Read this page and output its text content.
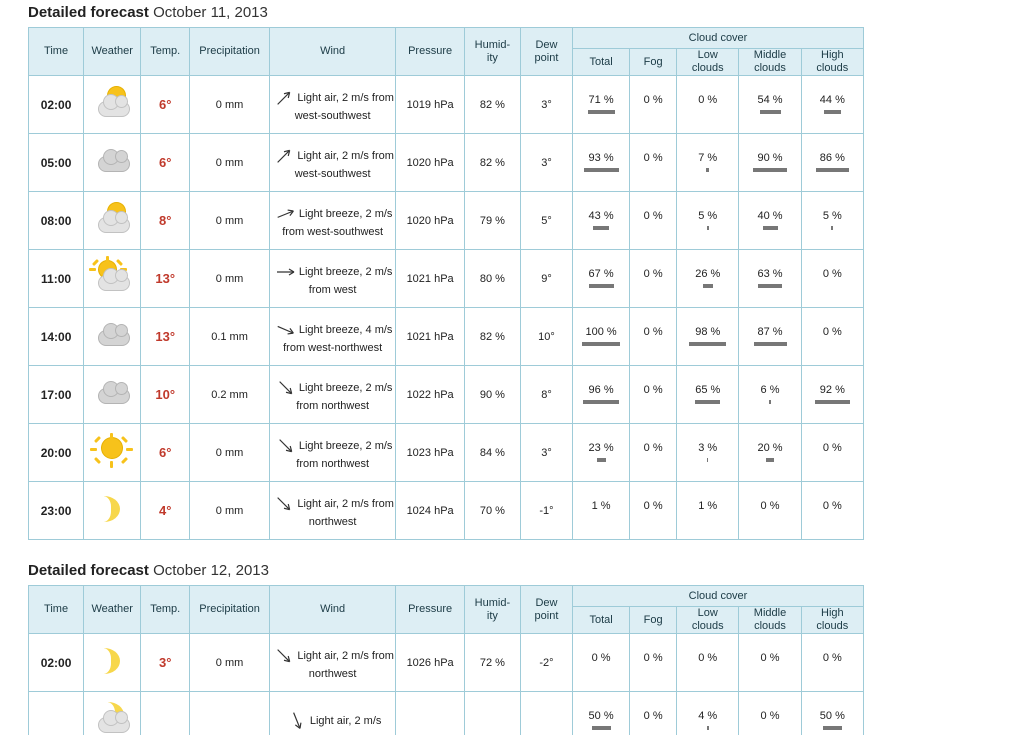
Detailed forecast October 11, 2013
Time	Weather	Temp.	Precipitation	Wind	Pressure	Humid-
ity	Dew
point	Cloud cover				
								Total	Fog	Low
clouds	Middle
clouds	High
clouds
02:00		6°	0 mm	Light air, 2 m/s from west-southwest	1019 hPa	82 %	3°	71 %	0 %	0 %	54 %	44 %

05:00		6°	0 mm	Light air, 2 m/s from west-southwest	1020 hPa	82 %	3°	93 %	0 %	7 %	90 %	86 %

08:00		8°	0 mm	Light breeze, 2 m/s from west-southwest	1020 hPa	79 %	5°	43 %	0 %	5 %	40 %	5 %

11:00		13°	0 mm	Light breeze, 2 m/s from west	1021 hPa	80 %	9°	67 %	0 %	26 %	63 %	0 %

14:00		13°	0.1 mm	Light breeze, 4 m/s from west-northwest	1021 hPa	82 %	10°	100 %	0 %	98 %	87 %	0 %

17:00		10°	0.2 mm	Light breeze, 2 m/s from northwest	1022 hPa	90 %	8°	96 %	0 %	65 %	6 %	92 %

20:00		6°	0 mm	Light breeze, 2 m/s from northwest	1023 hPa	84 %	3°	23 %	0 %	3 %	20 %	0 %

23:00		4°	0 mm	Light air, 2 m/s from northwest	1024 hPa	70 %	-1°	1 %	0 %	1 %	0 %	0 %
Detailed forecast October 12, 2013
Time	Weather	Temp.	Precipitation	Wind	Pressure	Humid-
ity	Dew
point	Cloud cover				
								Total	Fog	Low
clouds	Middle
clouds	High
clouds
02:00		3°	0 mm	Light air, 2 m/s from northwest	1026 hPa	72 %	-2°	0 %	0 %	0 %	0 %	0 %

			Light air, 2 m/s				50 %	0 %	4 %	0 %	50 %
